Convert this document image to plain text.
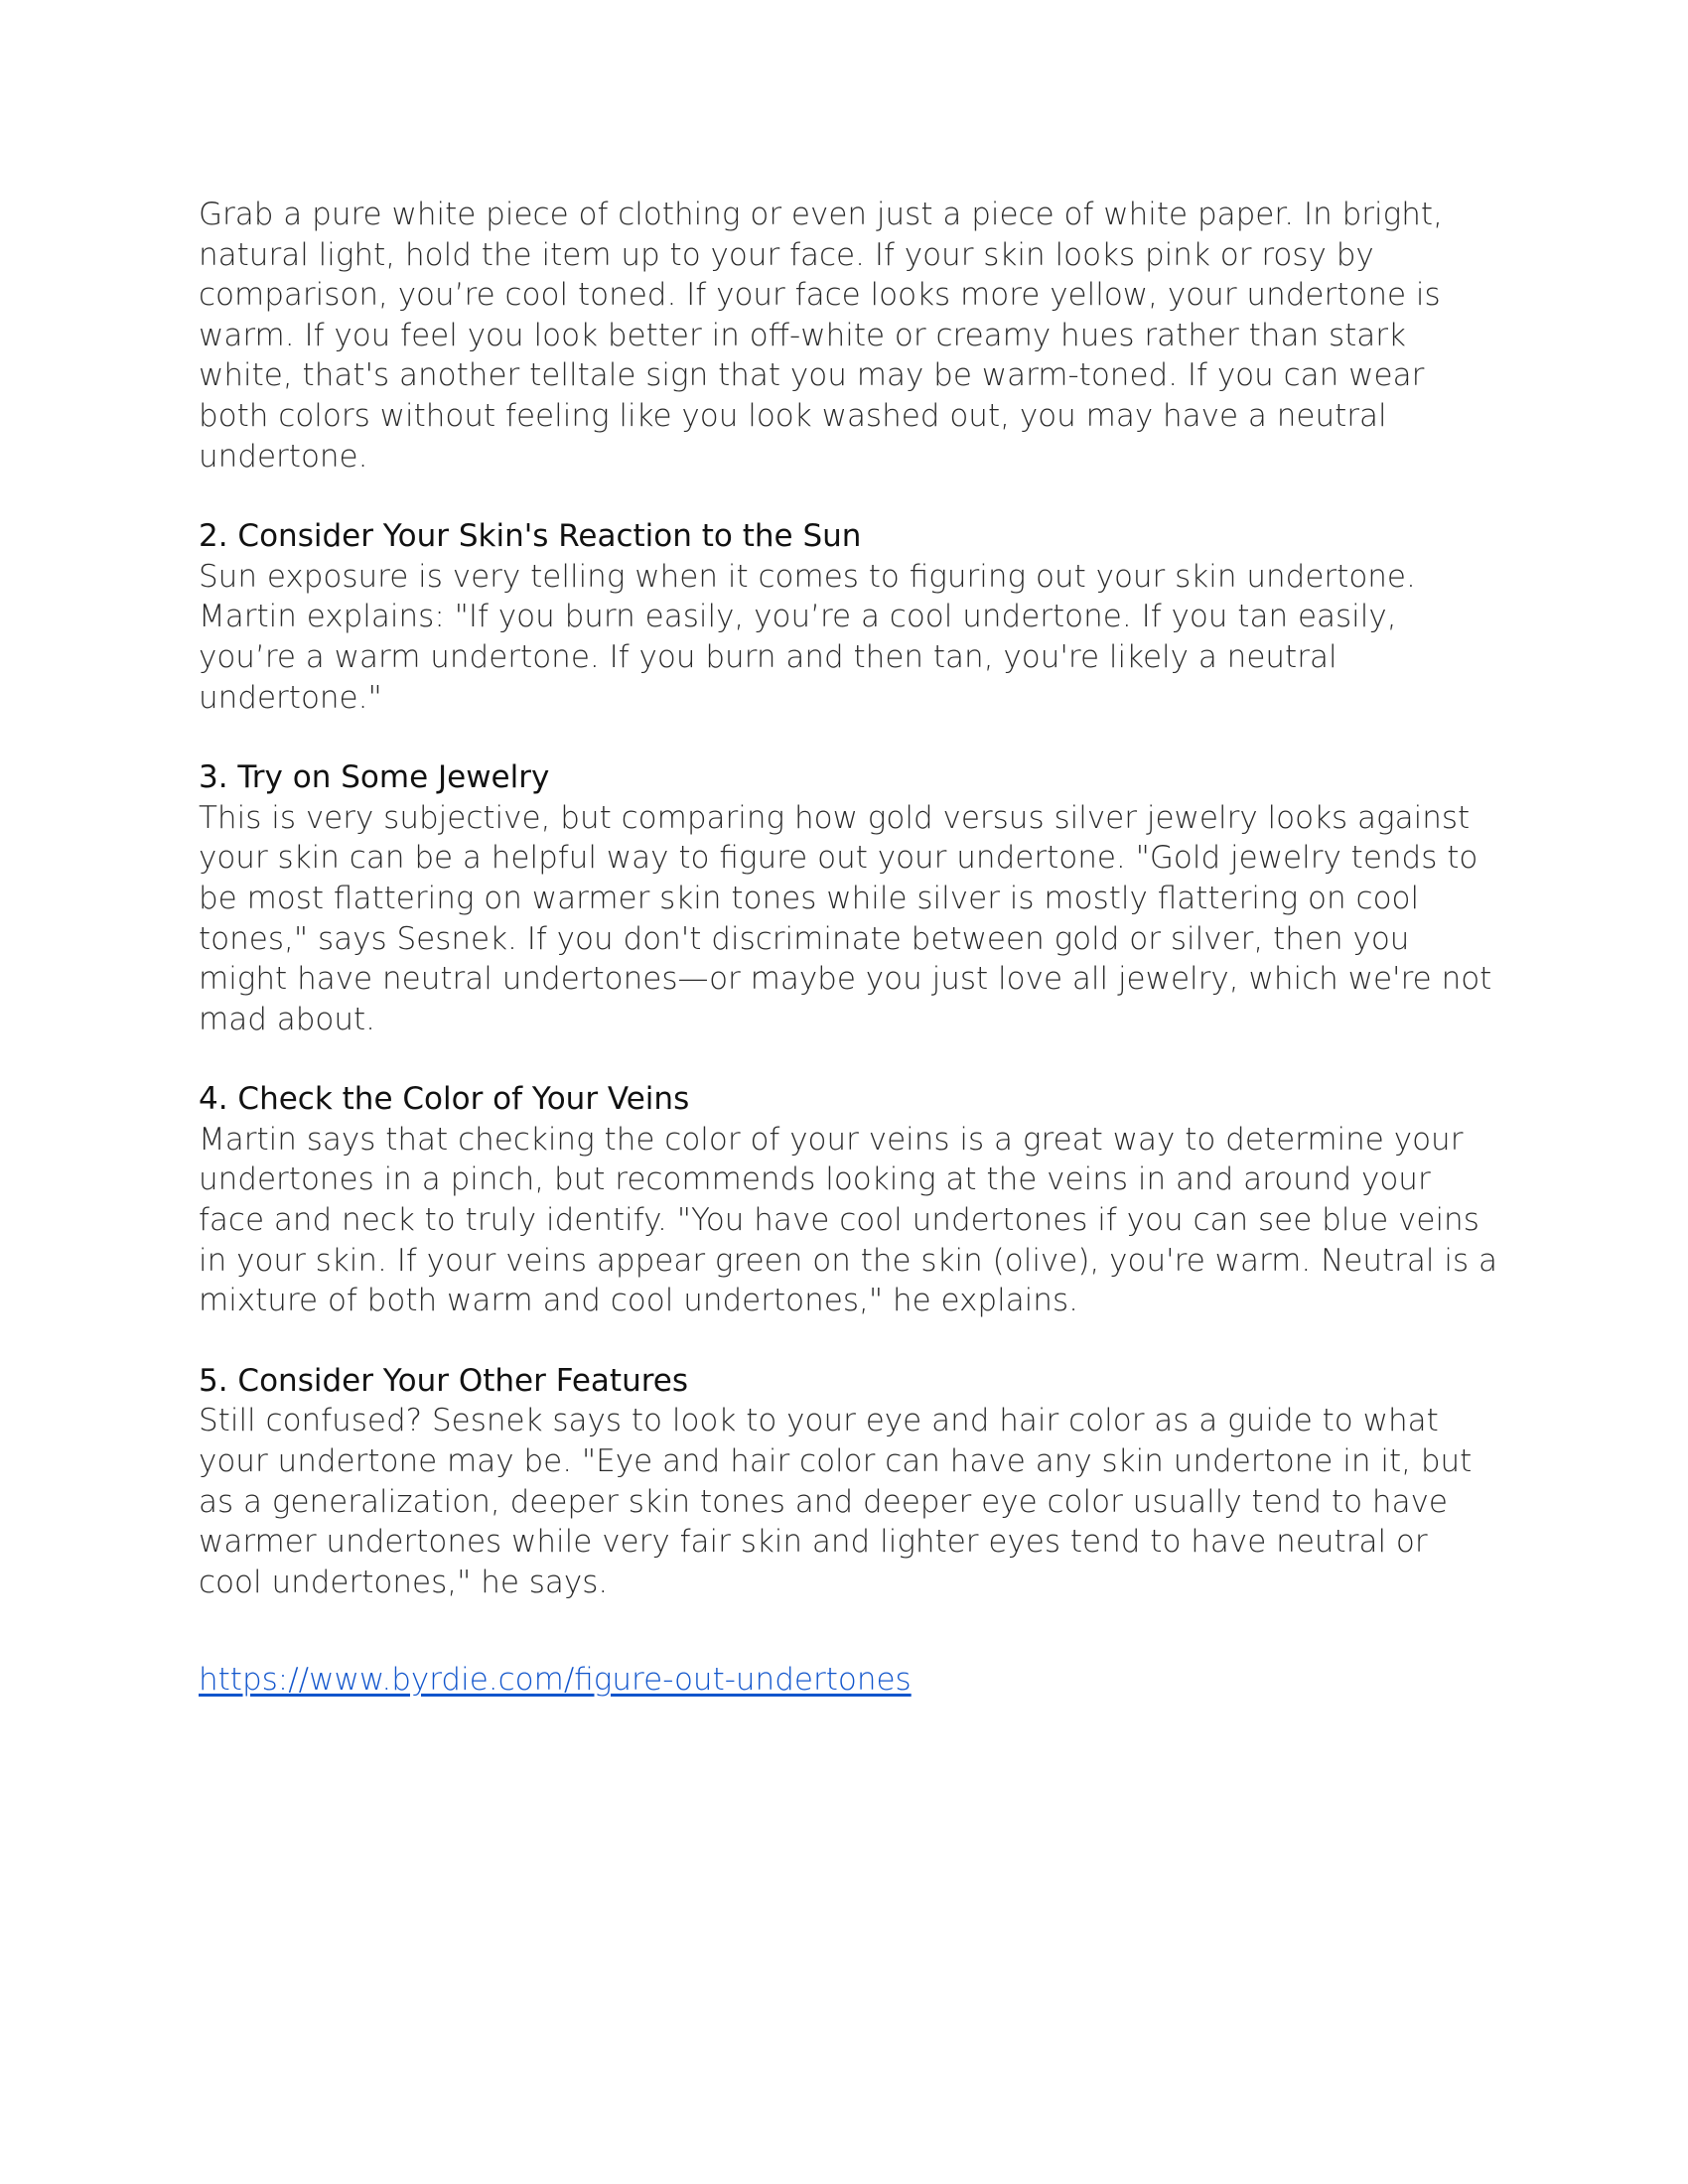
Grab a pure white piece of clothing or even just a piece of white paper. In bright, natural light, hold the item up to your face. If your skin looks pink or rosy by comparison, you’re cool toned. If your face looks more yellow, your undertone is warm. If you feel you look better in off-white or creamy hues rather than stark white, that's another telltale sign that you may be warm-toned. If you can wear both colors without feeling like you look washed out, you may have a neutral undertone.

2. Consider Your Skin's Reaction to the Sun

Sun exposure is very telling when it comes to figuring out your skin undertone. Martin explains: "If you burn easily, you’re a cool undertone. If you tan easily, you’re a warm undertone. If you burn and then tan, you're likely a neutral undertone."

3. Try on Some Jewelry

This is very subjective, but comparing how gold versus silver jewelry looks against your skin can be a helpful way to figure out your undertone. "Gold jewelry tends to be most flattering on warmer skin tones while silver is mostly flattering on cool tones," says Sesnek. If you don't discriminate between gold or silver, then you might have neutral undertones—or maybe you just love all jewelry, which we're not mad about.

4. Check the Color of Your Veins

Martin says that checking the color of your veins is a great way to determine your undertones in a pinch, but recommends looking at the veins in and around your face and neck to truly identify. "You have cool undertones if you can see blue veins in your skin. If your veins appear green on the skin (olive), you're warm. Neutral is a mixture of both warm and cool undertones," he explains.

5. Consider Your Other Features

Still confused? Sesnek says to look to your eye and hair color as a guide to what your undertone may be. "Eye and hair color can have any skin undertone in it, but as a generalization, deeper skin tones and deeper eye color usually tend to have warmer undertones while very fair skin and lighter eyes tend to have neutral or cool undertones," he says.

https://www.byrdie.com/figure-out-undertones
